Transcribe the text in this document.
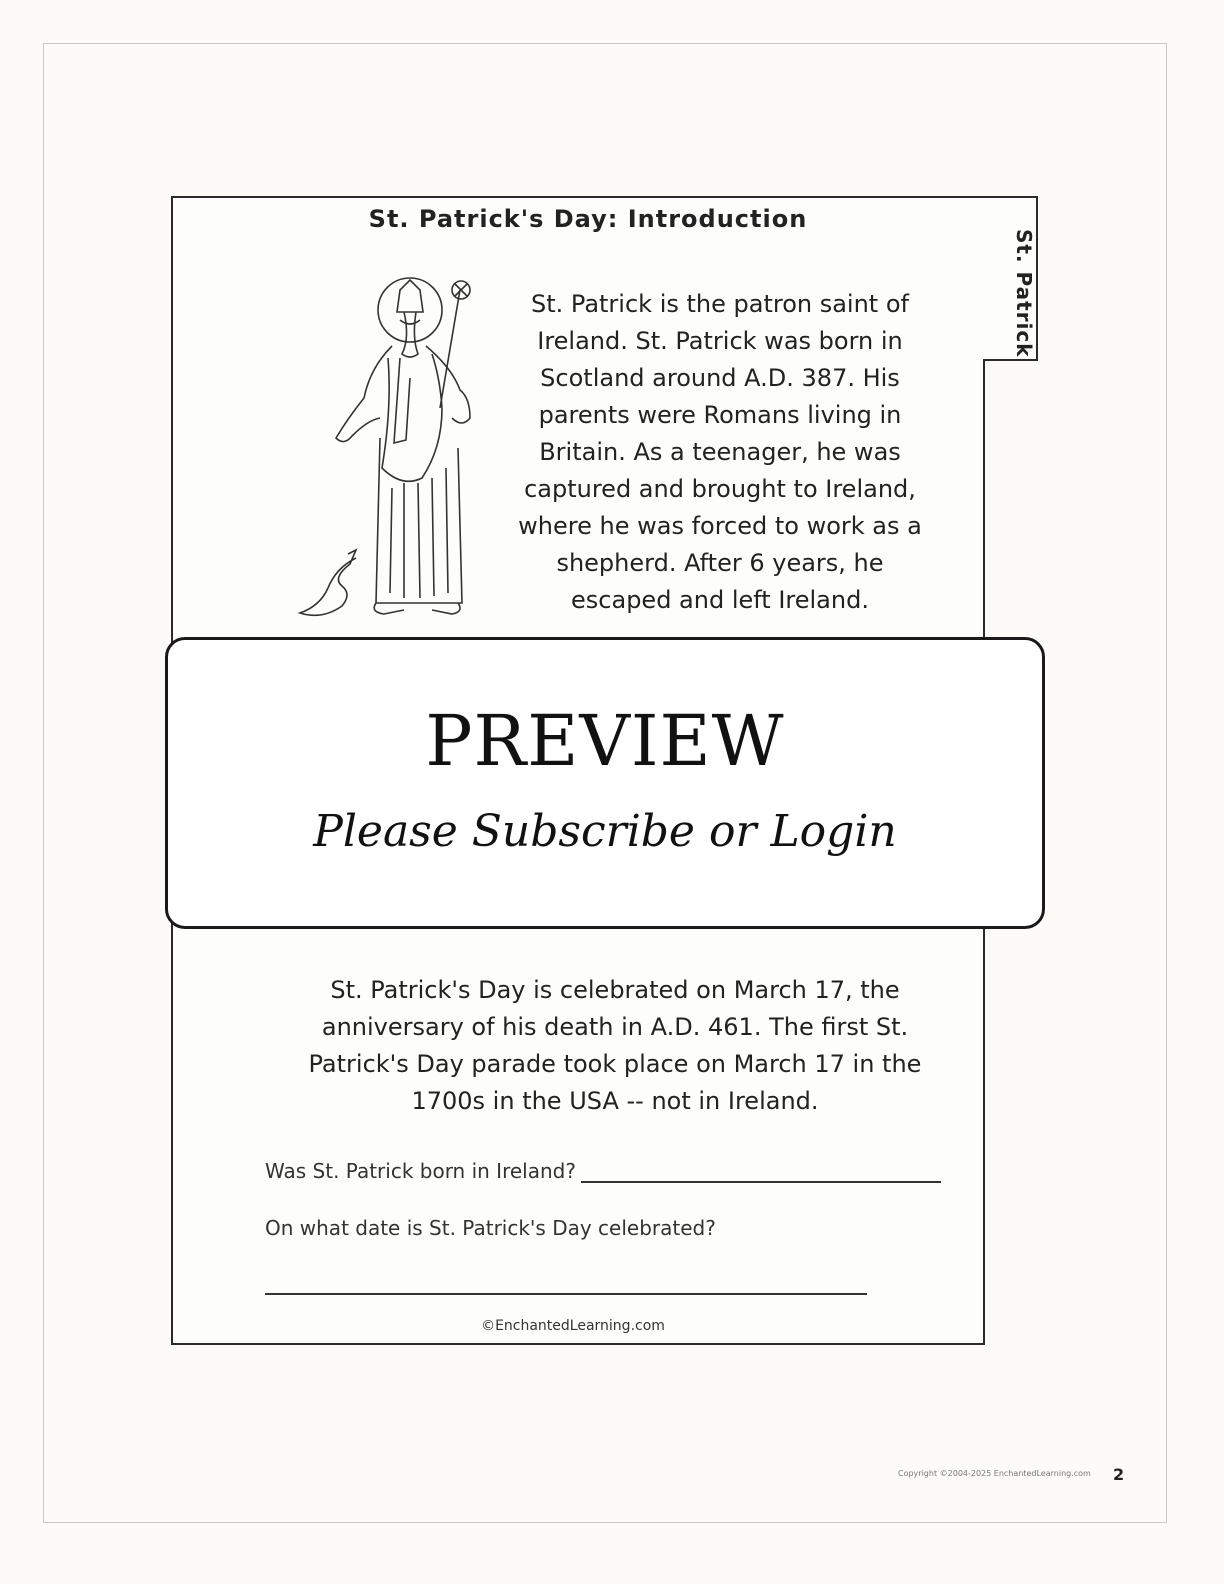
St. Patrick
St. Patrick's Day: Introduction
St. Patrick is the patron saint of
Ireland. St. Patrick was born in
Scotland around A.D. 387. His
parents were Romans living in
Britain. As a teenager, he was
captured and brought to Ireland,
where he was forced to work as a
shepherd. After 6 years, he
escaped and left Ireland.
PREVIEW
Please Subscribe or Login
St. Patrick's Day is celebrated on March 17, the
anniversary of his death in A.D. 461. The first St.
Patrick's Day parade took place on March 17 in the
1700s in the USA -- not in Ireland.
Was St. Patrick born in Ireland?
On what date is St. Patrick's Day celebrated?
©EnchantedLearning.com
Copyright ©2004-2025 EnchantedLearning.com 2
